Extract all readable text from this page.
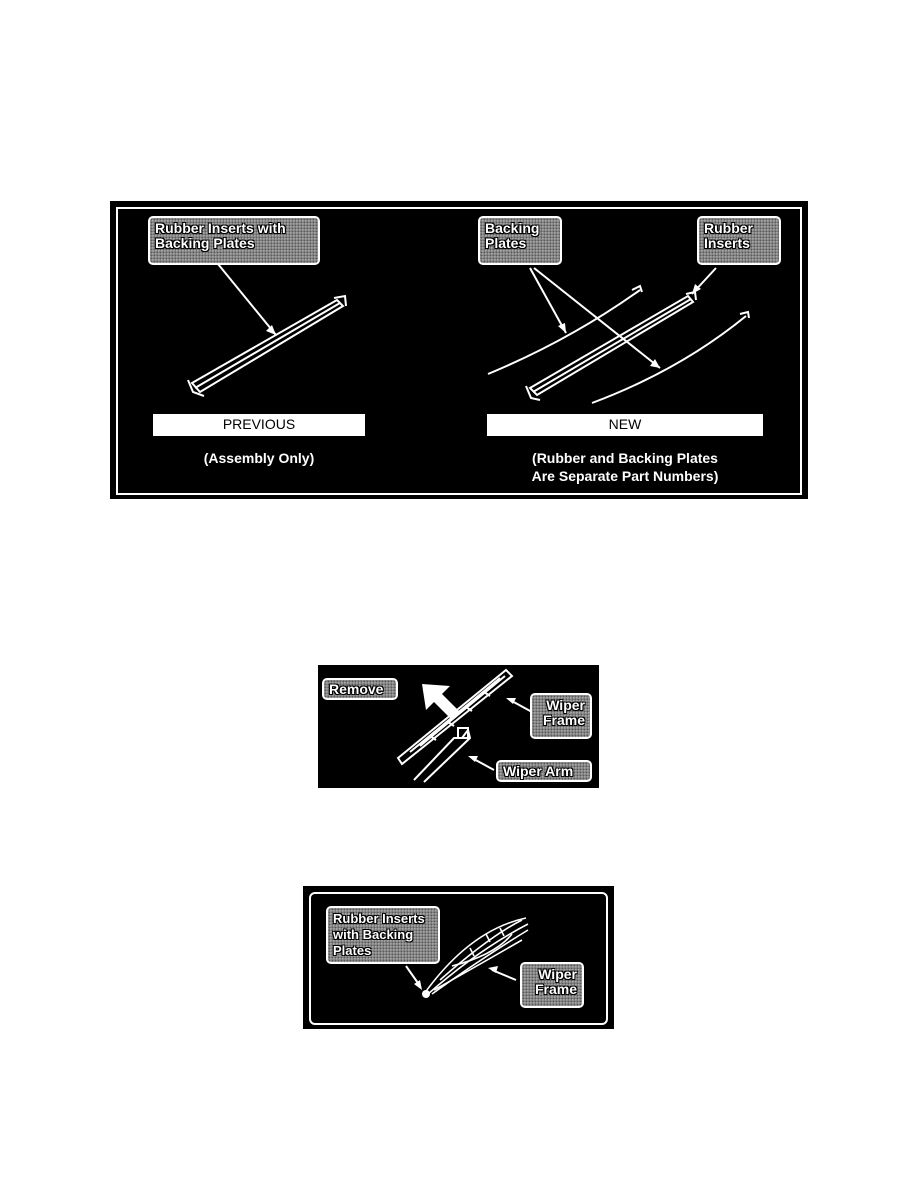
Rubber Inserts with
Backing Plates
Backing
Plates
Rubber
Inserts
PREVIOUS
(Assembly Only)
NEW
(Rubber and Backing Plates
Are Separate Part Numbers)
Remove
Wiper
Frame
Wiper Arm
Rubber Inserts
with Backing
Plates
Wiper
Frame
